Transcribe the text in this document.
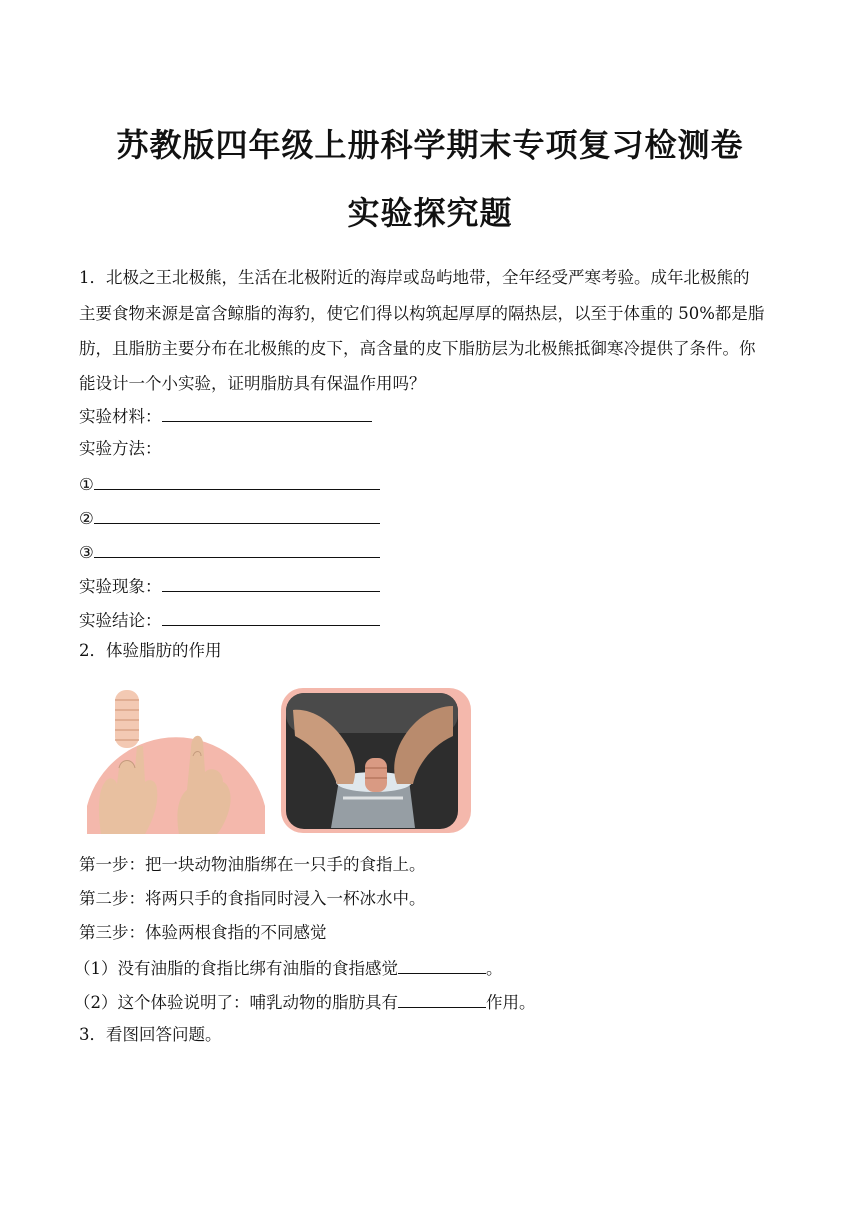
苏教版四年级上册科学期末专项复习检测卷
实验探究题
1．北极之王北极熊，生活在北极附近的海岸或岛屿地带，全年经受严寒考验。成年北极熊的
主要食物来源是富含鲸脂的海豹，使它们得以构筑起厚厚的隔热层，以至于体重的 50%都是脂
肪，且脂肪主要分布在北极熊的皮下，高含量的皮下脂肪层为北极熊抵御寒冷提供了条件。你
能设计一个小实验，证明脂肪具有保温作用吗？
实验材料：
实验方法：
①
②
③
实验现象：
实验结论：
2．体验脂肪的作用
第一步：把一块动物油脂绑在一只手的食指上。
第二步：将两只手的食指同时浸入一杯冰水中。
第三步：体验两根食指的不同感觉
（1）没有油脂的食指比绑有油脂的食指感觉	。
（2）这个体验说明了：哺乳动物的脂肪具有	作用。
3．看图回答问题。
